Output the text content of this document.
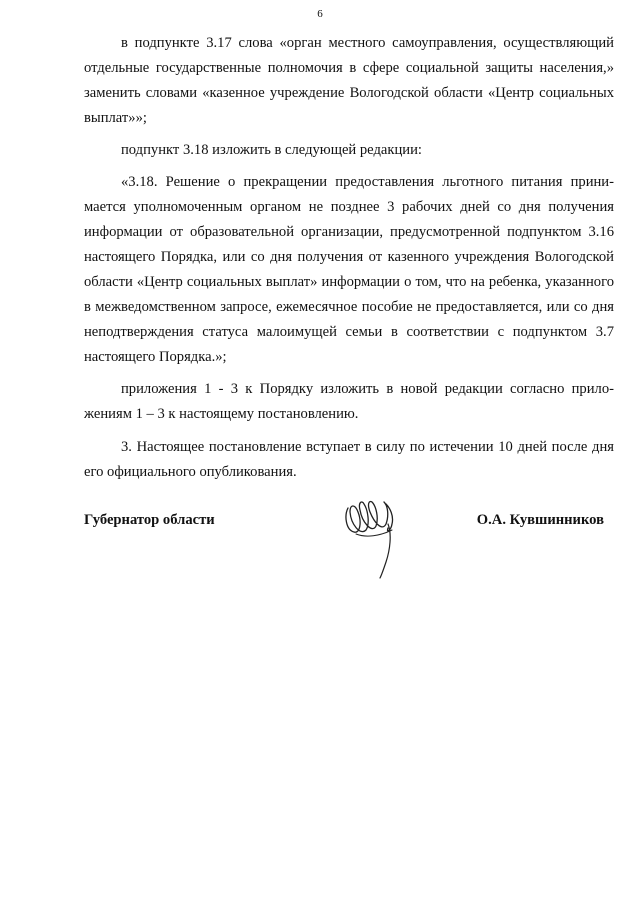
6

в подпункте 3.17 слова «орган местного самоуправления, осуществляющий отдельные государственные полномочия в сфере социальной защиты населения,» заменить словами «казенное учреждение Вологодской области «Центр социальных выплат»»;

подпункт 3.18 изложить в следующей редакции:

«3.18. Решение о прекращении предоставления льготного питания принимается уполномоченным органом не позднее 3 рабочих дней со дня получения информации от образовательной организации, предусмотренной подпунктом 3.16 настоящего Порядка, или со дня получения от казенного учреждения Вологодской области «Центр социальных выплат» информации о том, что на ребенка, указанного в межведомственном запросе, ежемесячное пособие не предоставляется, или со дня неподтверждения статуса малоимущей семьи в соответствии с подпунктом 3.7 настоящего Порядка.»;

приложения 1 - 3 к Порядку изложить в новой редакции согласно приложениям 1 – 3 к настоящему постановлению.

3. Настоящее постановление вступает в силу по истечении 10 дней после дня его официального опубликования.

Губернатор области	О.А. Кувшинников
